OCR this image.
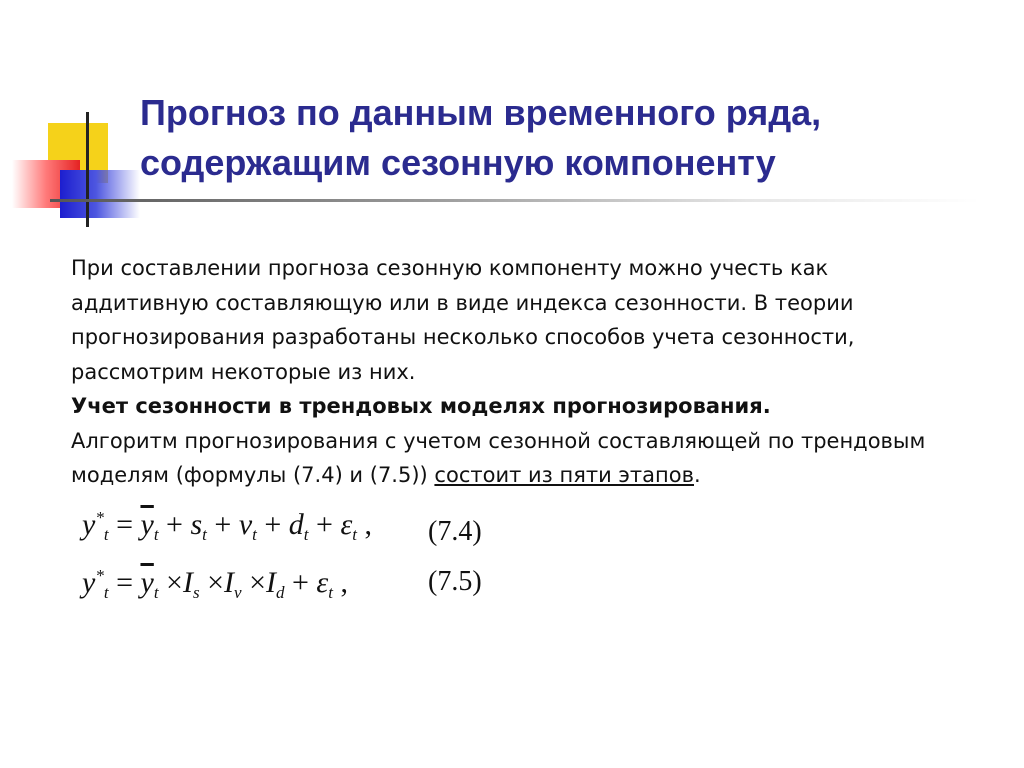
Прогноз по данным временного ряда,
содержащим сезонную компоненту

При составлении прогноза сезонную компоненту можно учесть как аддитивную составляющую или в виде индекса сезонности. В теории прогнозирования разработаны несколько способов учета сезонности, рассмотрим некоторые из них.

Учет сезонности в трендовых моделях прогнозирования.

Алгоритм прогнозирования с учетом сезонной составляющей по трендовым моделям (формулы (7.4) и (7.5)) состоит из пяти этапов.

$y^*_t = \overline{y}_t + s_t + \nu_t + d_t + \varepsilon_t$ , (7.4)
$y^*_t = \overline{y}_t \times I_s \times I_v \times I_d + \varepsilon_t$ ,	(7.5)
